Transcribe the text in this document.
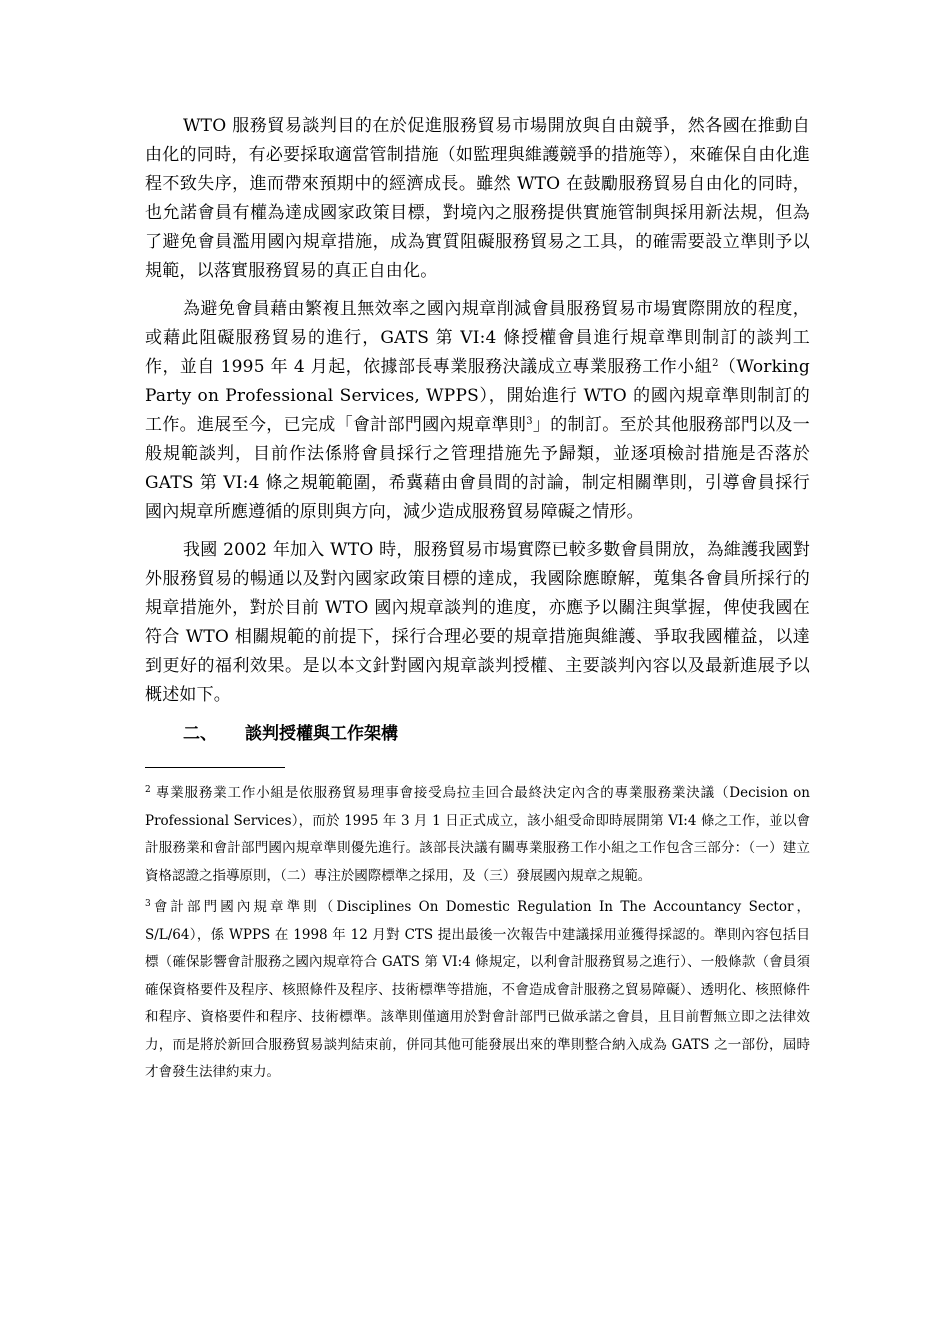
WTO 服務貿易談判目的在於促進服務貿易市場開放與自由競爭，然各國在推動自由化的同時，有必要採取適當管制措施（如監理與維護競爭的措施等），來確保自由化進程不致失序，進而帶來預期中的經濟成長。雖然 WTO 在鼓勵服務貿易自由化的同時，也允諾會員有權為達成國家政策目標，對境內之服務提供實施管制與採用新法規，但為了避免會員濫用國內規章措施，成為實質阻礙服務貿易之工具，的確需要設立準則予以規範，以落實服務貿易的真正自由化。

為避免會員藉由繁複且無效率之國內規章削減會員服務貿易市場實際開放的程度，或藉此阻礙服務貿易的進行，GATS 第 VI:4 條授權會員進行規章準則制訂的談判工作，並自 1995 年 4 月起，依據部長專業服務決議成立專業服務工作小組$^2$（Working Party on Professional Services, WPPS），開始進行 WTO 的國內規章準則制訂的工作。進展至今，已完成「會計部門國內規章準則$^3$」的制訂。至於其他服務部門以及一般規範談判，目前作法係將會員採行之管理措施先予歸類，並逐項檢討措施是否落於 GATS 第 VI:4 條之規範範圍，希冀藉由會員間的討論，制定相關準則，引導會員採行國內規章所應遵循的原則與方向，減少造成服務貿易障礙之情形。

我國 2002 年加入 WTO 時，服務貿易市場實際已較多數會員開放，為維護我國對外服務貿易的暢通以及對內國家政策目標的達成，我國除應瞭解，蒐集各會員所採行的規章措施外，對於目前 WTO 國內規章談判的進度，亦應予以關注與掌握，俾使我國在符合 WTO 相關規範的前提下，採行合理必要的規章措施與維護、爭取我國權益，以達到更好的福利效果。是以本文針對國內規章談判授權、主要談判內容以及最新進展予以概述如下。

二、 談判授權與工作架構

$^2$ 專業服務業工作小組是依服務貿易理事會接受烏拉圭回合最終決定內含的專業服務業決議（Decision on Professional Services），而於 1995 年 3 月 1 日正式成立，該小組受命即時展開第 VI:4 條之工作，並以會計服務業和會計部門國內規章準則優先進行。該部長決議有關專業服務工作小組之工作包含三部分：（一）建立資格認證之指導原則，（二）專注於國際標準之採用，及（三）發展國內規章之規範。

$^3$會計部門國內規章準則（Disciplines On Domestic Regulation In The Accountancy Sector，S/L/64），係 WPPS 在 1998 年 12 月對 CTS 提出最後一次報告中建議採用並獲得採認的。準則內容包括目標（確保影響會計服務之國內規章符合 GATS 第 VI:4 條規定，以利會計服務貿易之進行）、一般條款（會員須確保資格要件及程序、核照條件及程序、技術標準等措施，不會造成會計服務之貿易障礙）、透明化、核照條件和程序、資格要件和程序、技術標準。該準則僅適用於對會計部門已做承諾之會員，且目前暫無立即之法律效力，而是將於新回合服務貿易談判結束前，併同其他可能發展出來的準則整合納入成為 GATS 之一部份，屆時才會發生法律約束力。
